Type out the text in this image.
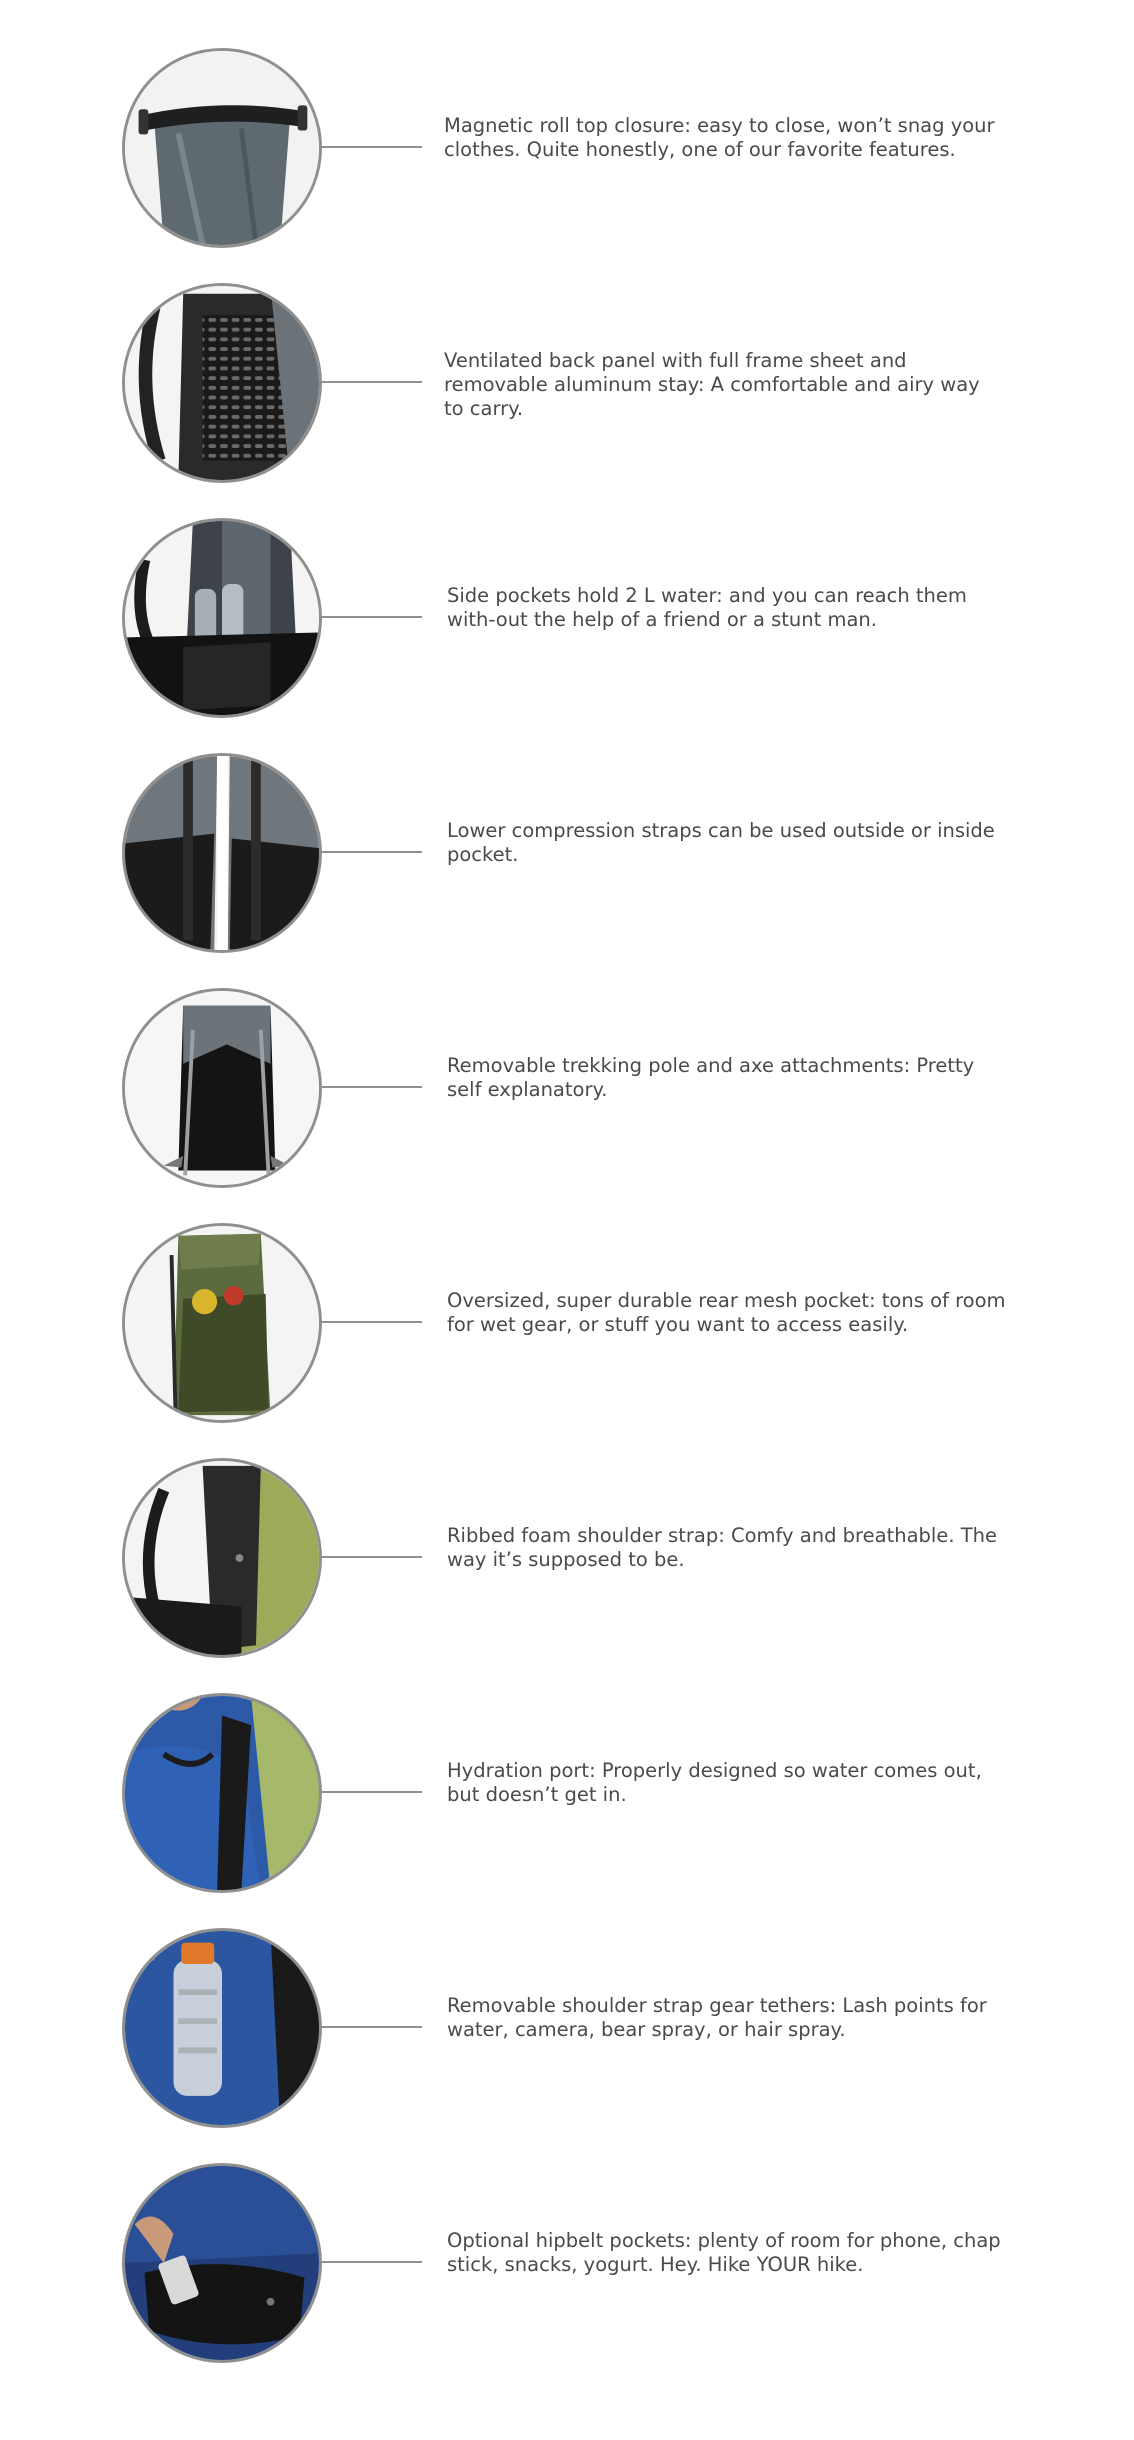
Magnetic roll top closure: easy to close, won’t snag your clothes. Quite honestly, one of our favorite features.

Ventilated back panel with full frame sheet and removable aluminum stay: A comfortable and airy way to carry.

Side pockets hold 2 L water: and you can reach them with-out the help of a friend or a stunt man.

Lower compression straps can be used outside or inside pocket.

Removable trekking pole and axe attachments: Pretty self explanatory.

Oversized, super durable rear mesh pocket: tons of room for wet gear, or stuff you want to access easily.

Ribbed foam shoulder strap: Comfy and breathable. The way it’s supposed to be.

Hydration port: Properly designed so water comes out, but doesn’t get in.

Removable shoulder strap gear tethers: Lash points for water, camera, bear spray, or hair spray.

Optional hipbelt pockets: plenty of room for phone, chap stick, snacks, yogurt. Hey. Hike YOUR hike.
